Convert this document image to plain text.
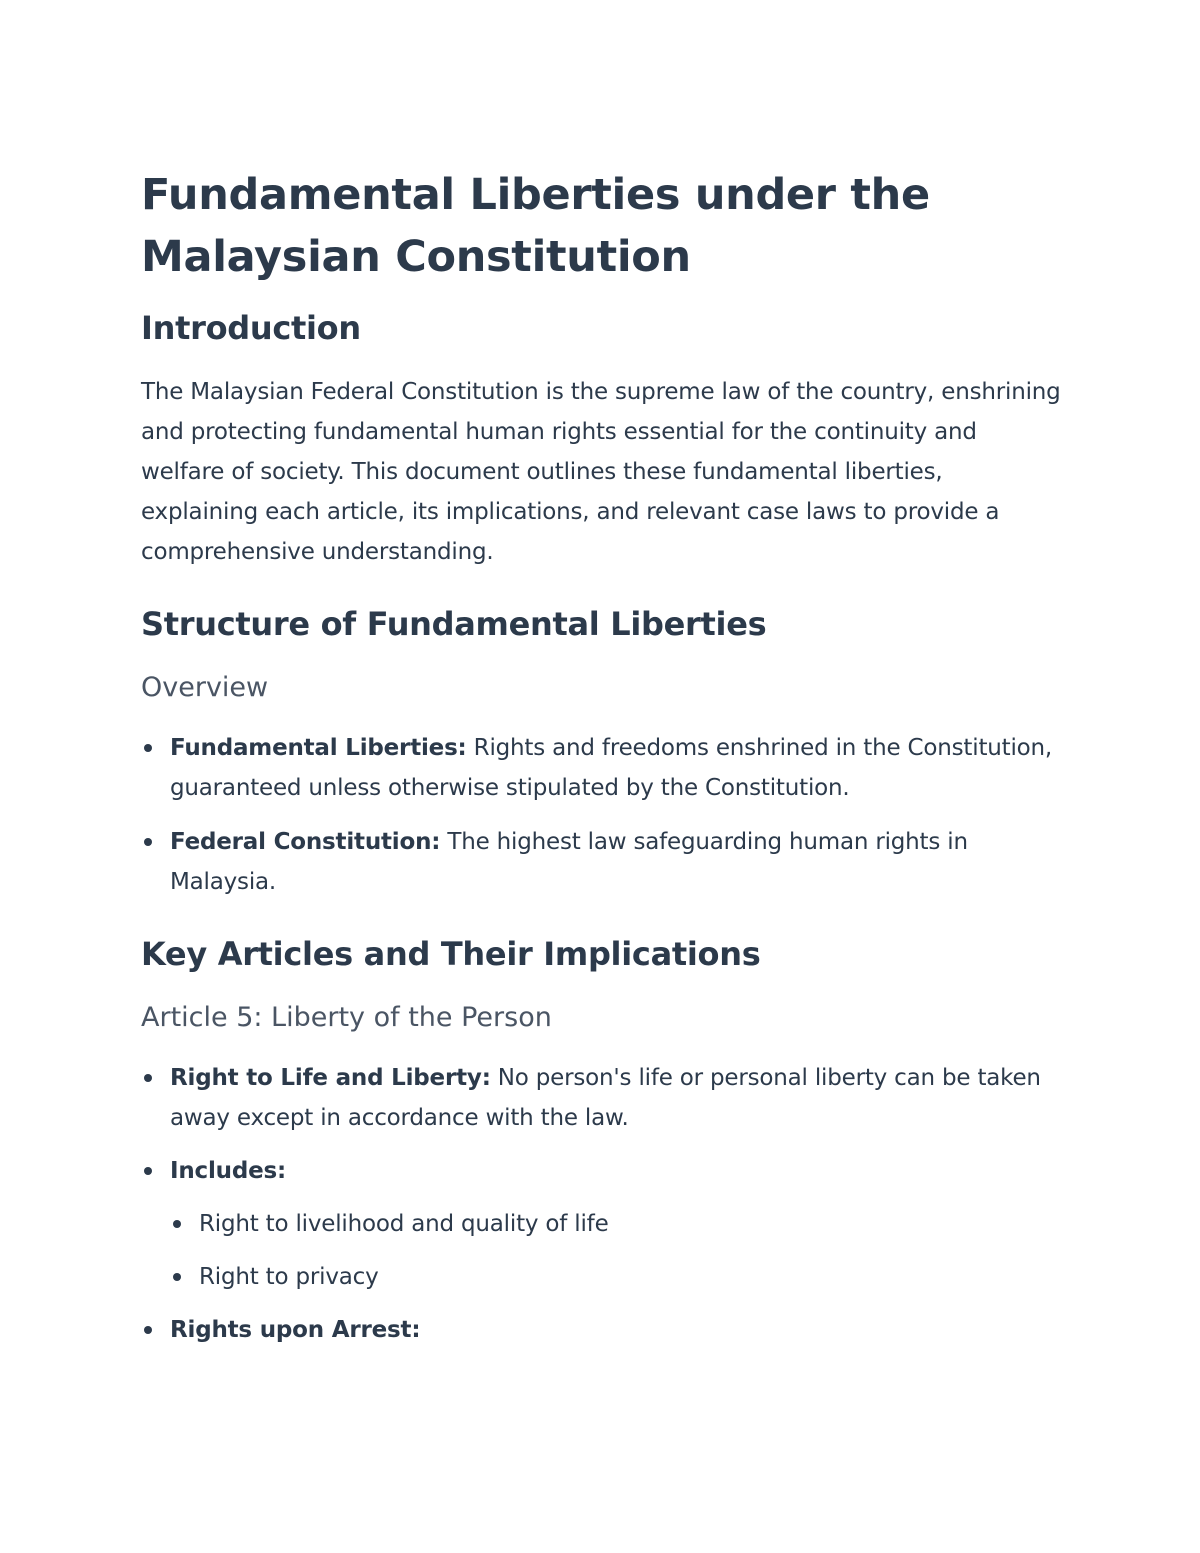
Fundamental Liberties under the Malaysian Constitution
Introduction

The Malaysian Federal Constitution is the supreme law of the country, enshrining and protecting fundamental human rights essential for the continuity and welfare of society. This document outlines these fundamental liberties, explaining each article, its implications, and relevant case laws to provide a comprehensive understanding.

Structure of Fundamental Liberties
Overview
Fundamental Liberties: Rights and freedoms enshrined in the Constitution, guaranteed unless otherwise stipulated by the Constitution.
Federal Constitution: The highest law safeguarding human rights in Malaysia.
Key Articles and Their Implications
Article 5: Liberty of the Person
Right to Life and Liberty: No person's life or personal liberty can be taken away except in accordance with the law.
Includes:
Right to livelihood and quality of life
Right to privacy
Rights upon Arrest:
